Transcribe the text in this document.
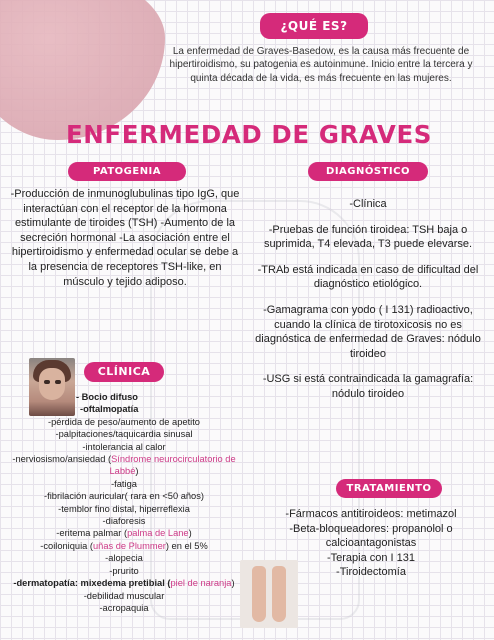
¿QUÉ ES?

La enfermedad de Graves-Basedow, es la causa más frecuente de hipertiroidismo, su patogenia es autoinmune. Inicio entre la tercera y quinta década de la vida, es más frecuente en las mujeres.

ENFERMEDAD DE GRAVES
PATOGENIA	DIAGNÓSTICO

-Producción de inmunoglubulinas tipo IgG, que interactúan con el receptor de la hormona estimulante de tiroides (TSH) -Aumento de la secreción hormonal -La asociación entre el hipertiroidismo y enfermedad ocular se debe a la presencia de receptores TSH-like, en músculo y tejido adiposo.

-Clínica

-Pruebas de función tiroidea: TSH baja o suprimida, T4 elevada, T3 puede elevarse.

-TRAb está indicada en caso de dificultad del diagnóstico etiológico.

-Gamagrama con yodo ( I 131) radioactivo, cuando la clínica de tirotoxicosis no es diagnóstica de enfermedad de Graves: nódulo tiroideo

-USG si está contraindicada la gamagrafía: nódulo tiroideo

CLÍNICA
- Bocio difuso
-oftalmopatía
-pérdida de peso/aumento de apetito
-palpitaciones/taquicardia sinusal
-intolerancia al calor
-nerviosismo/ansiedad (Síndrome neurocirculatorio de Labbé)
-fatiga
-fibrilación auricular( rara en <50 años)
-temblor fino distal, hiperreflexia
-diaforesis
-eritema palmar (palma de Lane)
-coiloniquia (uñas de Plummer) en el 5%
-alopecia
-prurito
-dermatopatía: mixedema pretibial (piel de naranja)
-debilidad muscular
-acropaquia
TRATAMIENTO
-Fármacos antitiroideos: metimazol
-Beta-bloqueadores: propanolol o calcioantagonistas
-Terapia con I 131
-Tiroidectomía
